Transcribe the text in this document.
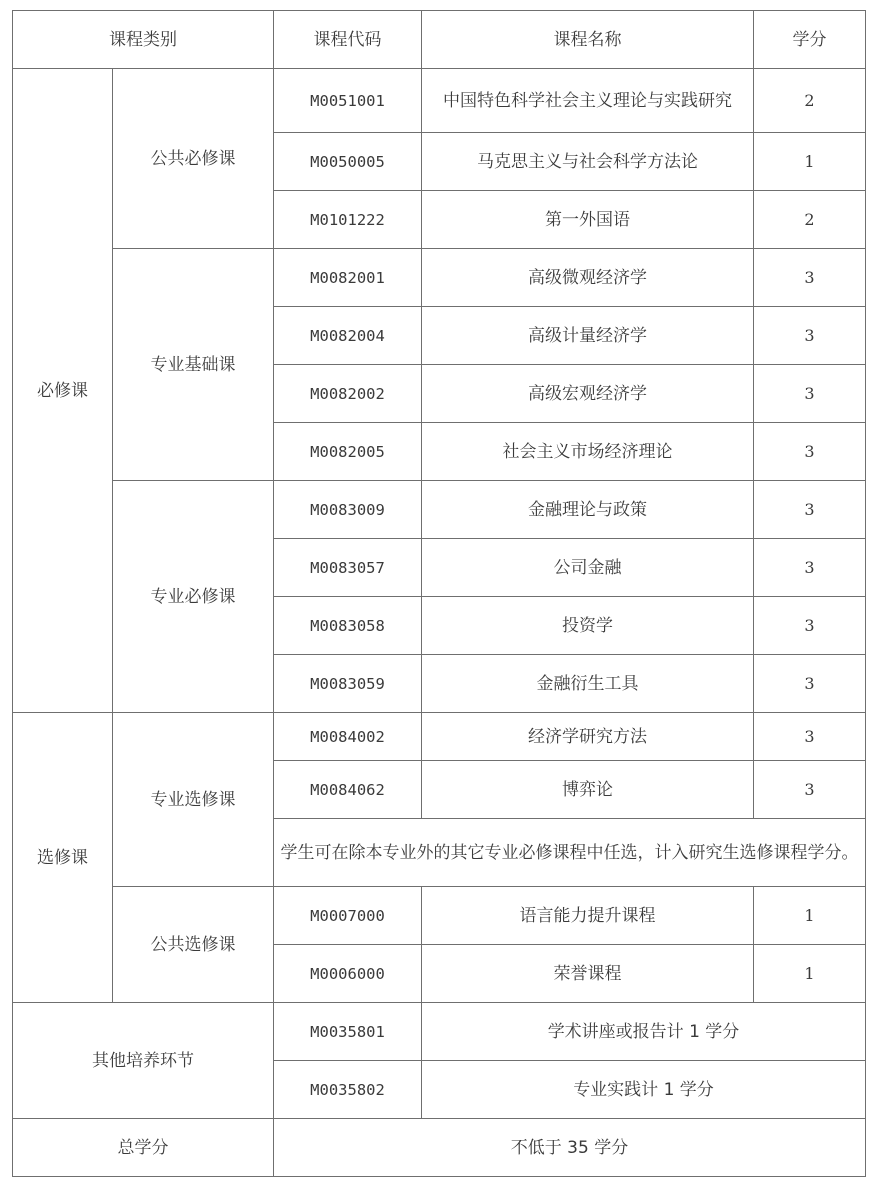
课程类别		课程代码	课程名称	学分
必修课	公共必修课	M0051001	中国特色科学社会主义理论与实践研究	2
		M0050005	马克思主义与社会科学方法论	1
		M0101222	第一外国语	2
	专业基础课	M0082001	高级微观经济学	3
		M0082004	高级计量经济学	3
		M0082002	高级宏观经济学	3
		M0082005	社会主义市场经济理论	3
	专业必修课	M0083009	金融理论与政策	3
		M0083057	公司金融	3
		M0083058	投资学	3
		M0083059	金融衍生工具	3
选修课	专业选修课	M0084002	经济学研究方法	3
		M0084062	博弈论	3
		学生可在除本专业外的其它专业必修课程中任选，计入研究生选修课程学分。		
	公共选修课	M0007000	语言能力提升课程	1
		M0006000	荣誉课程	1
其他培养环节		M0035801	学术讲座或报告计 1 学分	
		M0035802	专业实践计 1 学分	
总学分		不低于 35 学分		
